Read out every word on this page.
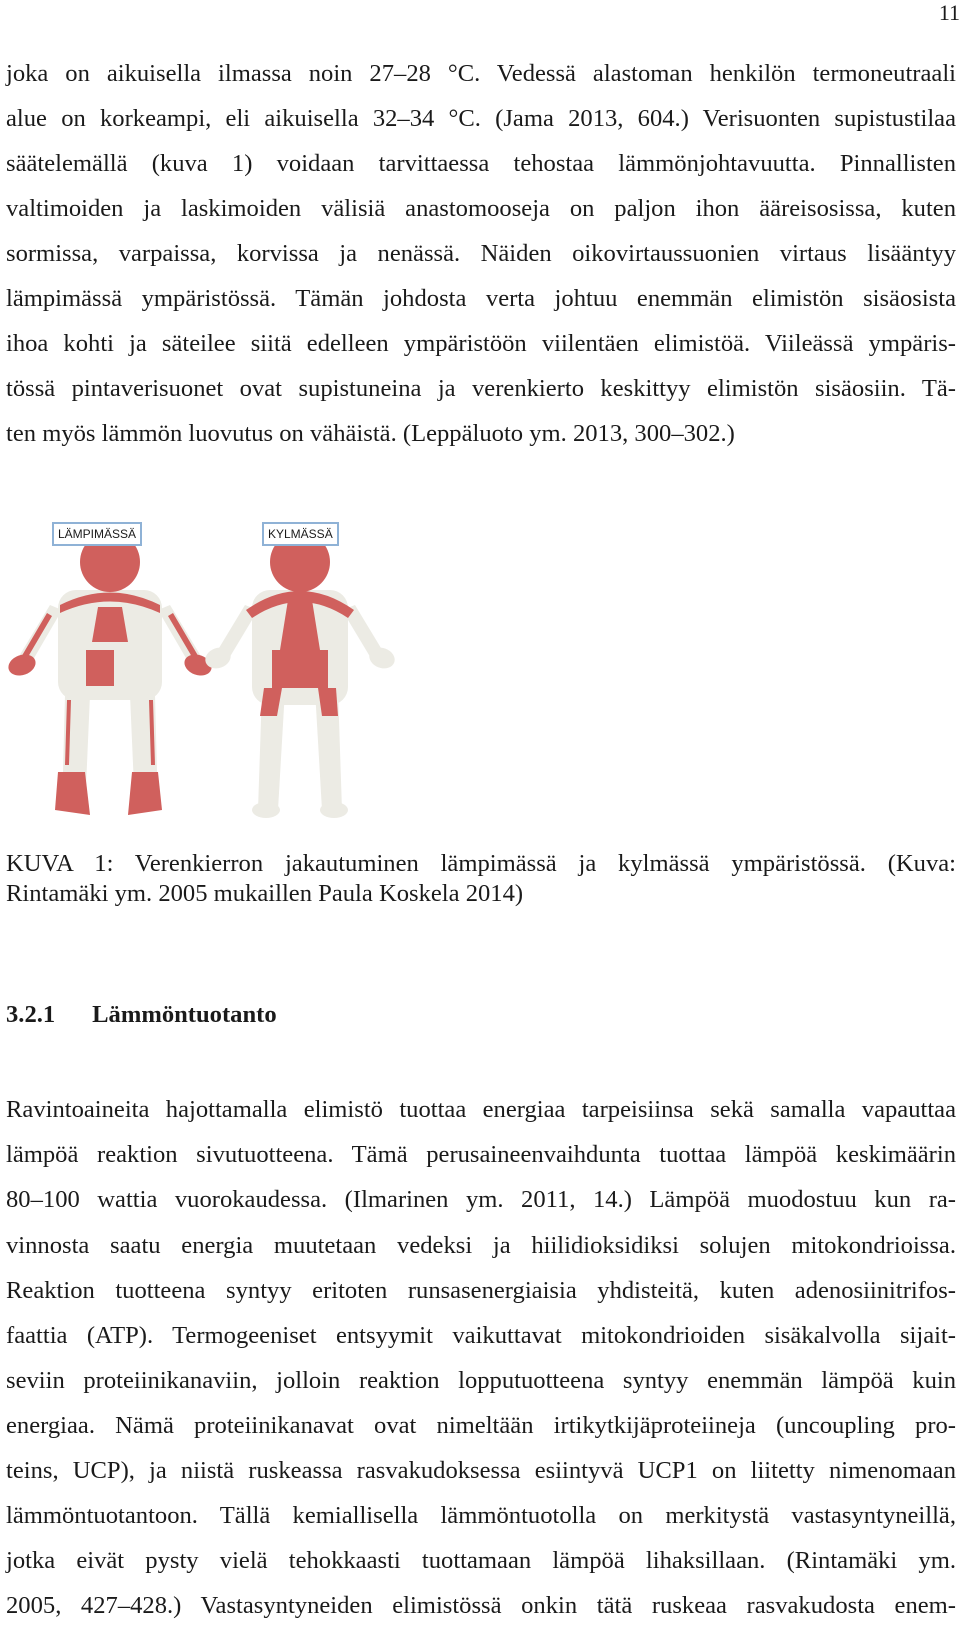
11
joka on aikuisella ilmassa noin 27–28 °C. Vedessä alastoman henkilön termoneutraali
alue on korkeampi, eli aikuisella 32–34 °C. (Jama 2013, 604.) Verisuonten supistustilaa
säätelemällä (kuva 1) voidaan tarvittaessa tehostaa lämmönjohtavuutta. Pinnallisten
valtimoiden ja laskimoiden välisiä anastomooseja on paljon ihon ääreisosissa, kuten
sormissa, varpaissa, korvissa ja nenässä. Näiden oikovirtaussuonien virtaus lisääntyy
lämpimässä ympäristössä. Tämän johdosta verta johtuu enemmän elimistön sisäosista
ihoa kohti ja säteilee siitä edelleen ympäristöön viilentäen elimistöä. Viileässä ympäris-
tössä pintaverisuonet ovat supistuneina ja verenkierto keskittyy elimistön sisäosiin. Tä-
ten myös lämmön luovutus on vähäistä. (Leppäluoto ym. 2013, 300–302.)
LÄMPIMÄSSÄ	KYLMÄSSÄ
KUVA 1: Verenkierron jakautuminen lämpimässä ja kylmässä ympäristössä. (Kuva:
Rintamäki ym. 2005 mukaillen Paula Koskela 2014)
3.2.1 Lämmöntuotanto
Ravintoaineita hajottamalla elimistö tuottaa energiaa tarpeisiinsa sekä samalla vapauttaa
lämpöä reaktion sivutuotteena. Tämä perusaineenvaihdunta tuottaa lämpöä keskimäärin
80–100 wattia vuorokaudessa. (Ilmarinen ym. 2011, 14.) Lämpöä muodostuu kun ra-
vinnosta saatu energia muutetaan vedeksi ja hiilidioksidiksi solujen mitokondrioissa.
Reaktion tuotteena syntyy eritoten runsasenergiaisia yhdisteitä, kuten adenosiinitrifos-
faattia (ATP). Termogeeniset entsyymit vaikuttavat mitokondrioiden sisäkalvolla sijait-
seviin proteiinikanaviin, jolloin reaktion lopputuotteena syntyy enemmän lämpöä kuin
energiaa. Nämä proteiinikanavat ovat nimeltään irtikytkijäproteiineja (uncoupling pro-
teins, UCP), ja niistä ruskeassa rasvakudoksessa esiintyvä UCP1 on liitetty nimenomaan
lämmöntuotantoon. Tällä kemiallisella lämmöntuotolla on merkitystä vastasyntyneillä,
jotka eivät pysty vielä tehokkaasti tuottamaan lämpöä lihaksillaan. (Rintamäki ym.
2005, 427–428.) Vastasyntyneiden elimistössä onkin tätä ruskeaa rasvakudosta enem-
